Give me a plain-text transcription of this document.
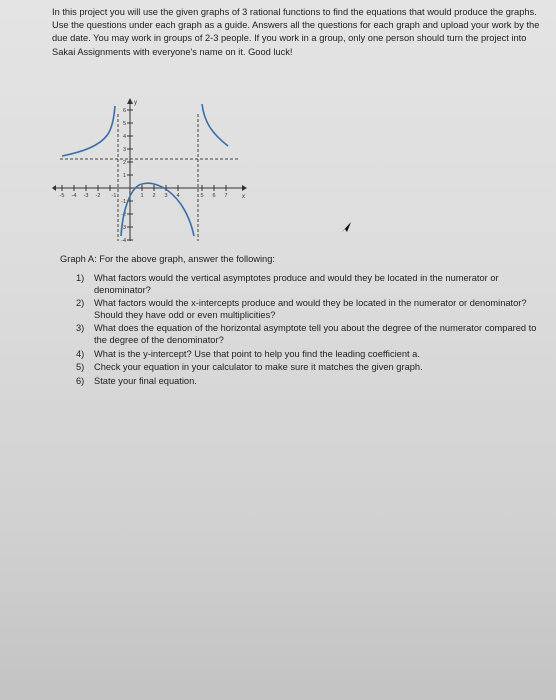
In this project you will use the given graphs of 3 rational functions to find the equations that would produce the graphs. Use the questions under each graph as a guide. Answers all the questions for each graph and upload your work by the due date. You may work in groups of 2-3 people. If you work in a group, only one person should turn the project into Sakai Assignments with everyone's name on it. Good luck!

y
x
-5 -4 -3 -2 -1	1 2 3 4	5 6 7
6
5
4
3
2
1
-1
-2
-3
-4

Graph A: For the above graph, answer the following:

1) What factors would the vertical asymptotes produce and would they be located in the numerator or denominator?
2) What factors would the x-intercepts produce and would they be located in the numerator or denominator? Should they have odd or even multiplicities?
3) What does the equation of the horizontal asymptote tell you about the degree of the numerator compared to the degree of the denominator?
4) What is the y-intercept? Use that point to help you find the leading coefficient a.
5) Check your equation in your calculator to make sure it matches the given graph.
6) State your final equation.
